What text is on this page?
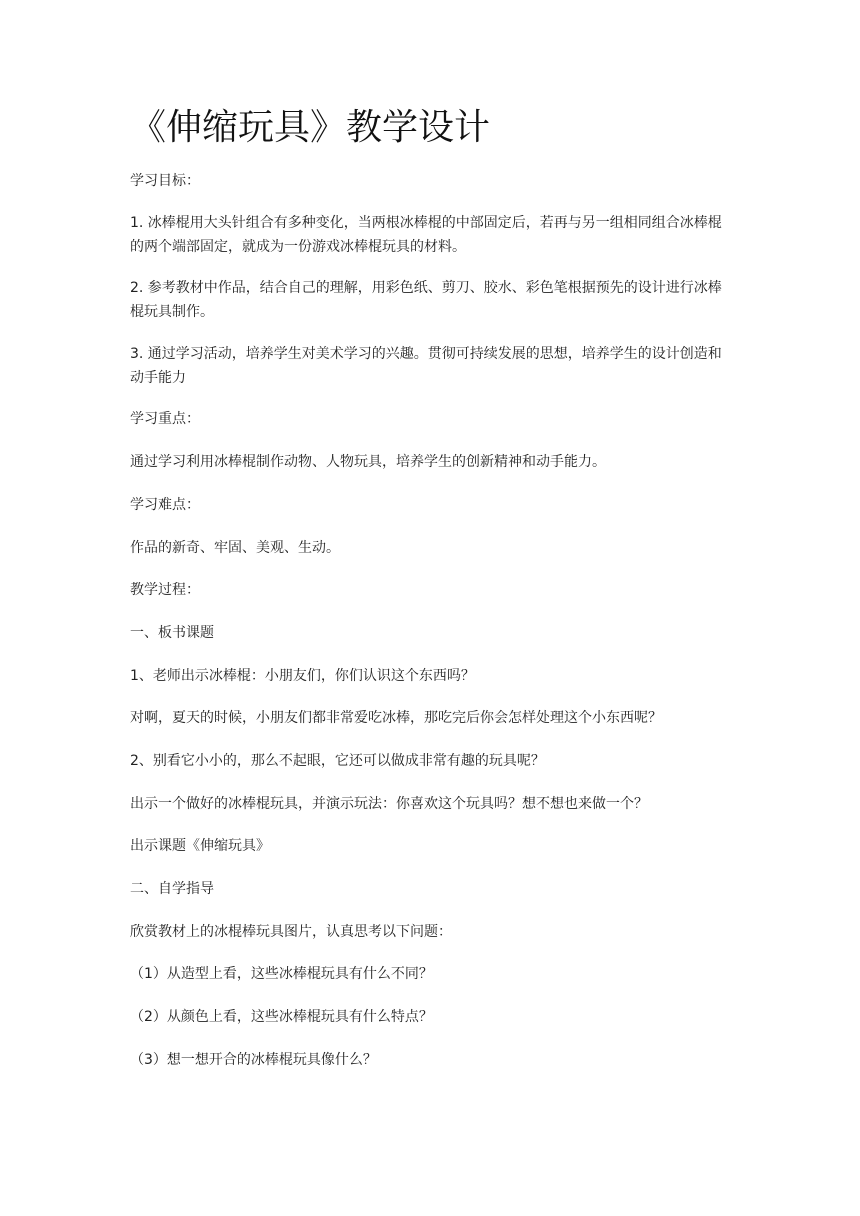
《伸缩玩具》教学设计
学习目标：
1. 冰棒棍用大头针组合有多种变化，当两根冰棒棍的中部固定后，若再与另一组相同组合冰棒棍的两个端部固定，就成为一份游戏冰棒棍玩具的材料。
2. 参考教材中作品，结合自己的理解，用彩色纸、剪刀、胶水、彩色笔根据预先的设计进行冰棒棍玩具制作。
3. 通过学习活动，培养学生对美术学习的兴趣。贯彻可持续发展的思想，培养学生的设计创造和动手能力
学习重点：
通过学习利用冰棒棍制作动物、人物玩具，培养学生的创新精神和动手能力。
学习难点：
作品的新奇、牢固、美观、生动。
教学过程：
一、板书课题
1、老师出示冰棒棍：小朋友们，你们认识这个东西吗？
对啊，夏天的时候，小朋友们都非常爱吃冰棒，那吃完后你会怎样处理这个小东西呢？
2、别看它小小的，那么不起眼，它还可以做成非常有趣的玩具呢？
出示一个做好的冰棒棍玩具，并演示玩法：你喜欢这个玩具吗？想不想也来做一个？
出示课题《伸缩玩具》
二、自学指导
欣赏教材上的冰棍棒玩具图片，认真思考以下问题：
（1）从造型上看，这些冰棒棍玩具有什么不同？
（2）从颜色上看，这些冰棒棍玩具有什么特点？
（3）想一想开合的冰棒棍玩具像什么？
